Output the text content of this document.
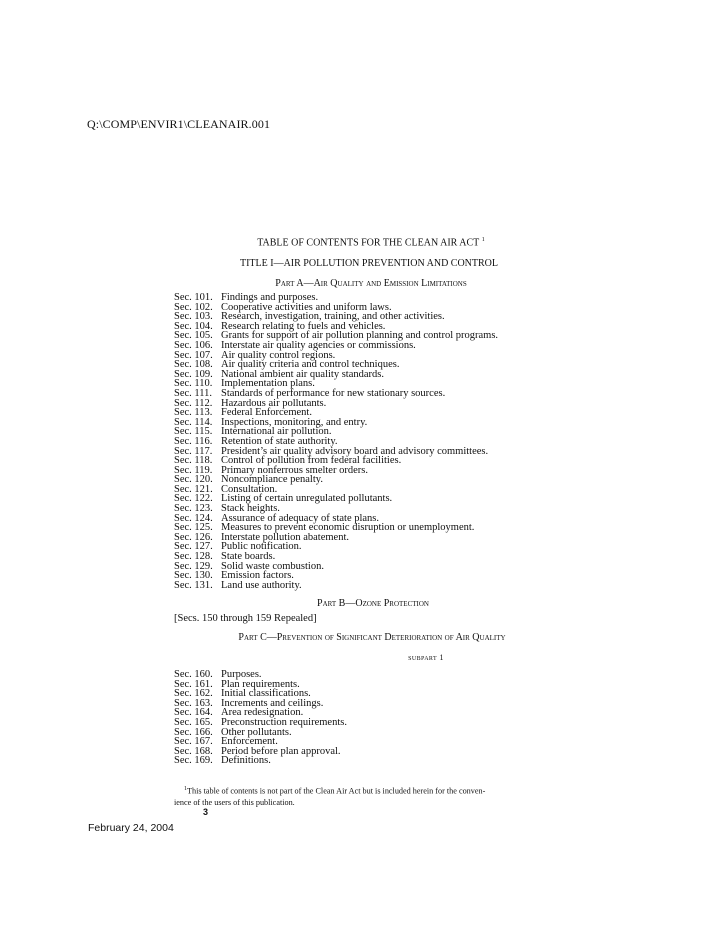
Q:\COMP\ENVIR1\CLEANAIR.001
TABLE OF CONTENTS FOR THE CLEAN AIR ACT $^1$
TITLE I—AIR POLLUTION PREVENTION AND CONTROL
Part A—Air Quality and Emission Limitations
Sec. 101. Findings and purposes.
Sec. 102. Cooperative activities and uniform laws.
Sec. 103. Research, investigation, training, and other activities.
Sec. 104. Research relating to fuels and vehicles.
Sec. 105. Grants for support of air pollution planning and control programs.
Sec. 106. Interstate air quality agencies or commissions.
Sec. 107. Air quality control regions.
Sec. 108. Air quality criteria and control techniques.
Sec. 109. National ambient air quality standards.
Sec. 110. Implementation plans.
Sec. 111. Standards of performance for new stationary sources.
Sec. 112. Hazardous air pollutants.
Sec. 113. Federal Enforcement.
Sec. 114. Inspections, monitoring, and entry.
Sec. 115. International air pollution.
Sec. 116. Retention of state authority.
Sec. 117. President’s air quality advisory board and advisory committees.
Sec. 118. Control of pollution from federal facilities.
Sec. 119. Primary nonferrous smelter orders.
Sec. 120. Noncompliance penalty.
Sec. 121. Consultation.
Sec. 122. Listing of certain unregulated pollutants.
Sec. 123. Stack heights.
Sec. 124. Assurance of adequacy of state plans.
Sec. 125. Measures to prevent economic disruption or unemployment.
Sec. 126. Interstate pollution abatement.
Sec. 127. Public notification.
Sec. 128. State boards.
Sec. 129. Solid waste combustion.
Sec. 130. Emission factors.
Sec. 131. Land use authority.
Part B—Ozone Protection
[Secs. 150 through 159 Repealed]
Part C—Prevention of Significant Deterioration of Air Quality
subpart 1
Sec. 160. Purposes.
Sec. 161. Plan requirements.
Sec. 162. Initial classifications.
Sec. 163. Increments and ceilings.
Sec. 164. Area redesignation.
Sec. 165. Preconstruction requirements.
Sec. 166. Other pollutants.
Sec. 167. Enforcement.
Sec. 168. Period before plan approval.
Sec. 169. Definitions.
$^1$This table of contents is not part of the Clean Air Act but is included herein for the conven-
ience of the users of this publication.
3
February 24, 2004
